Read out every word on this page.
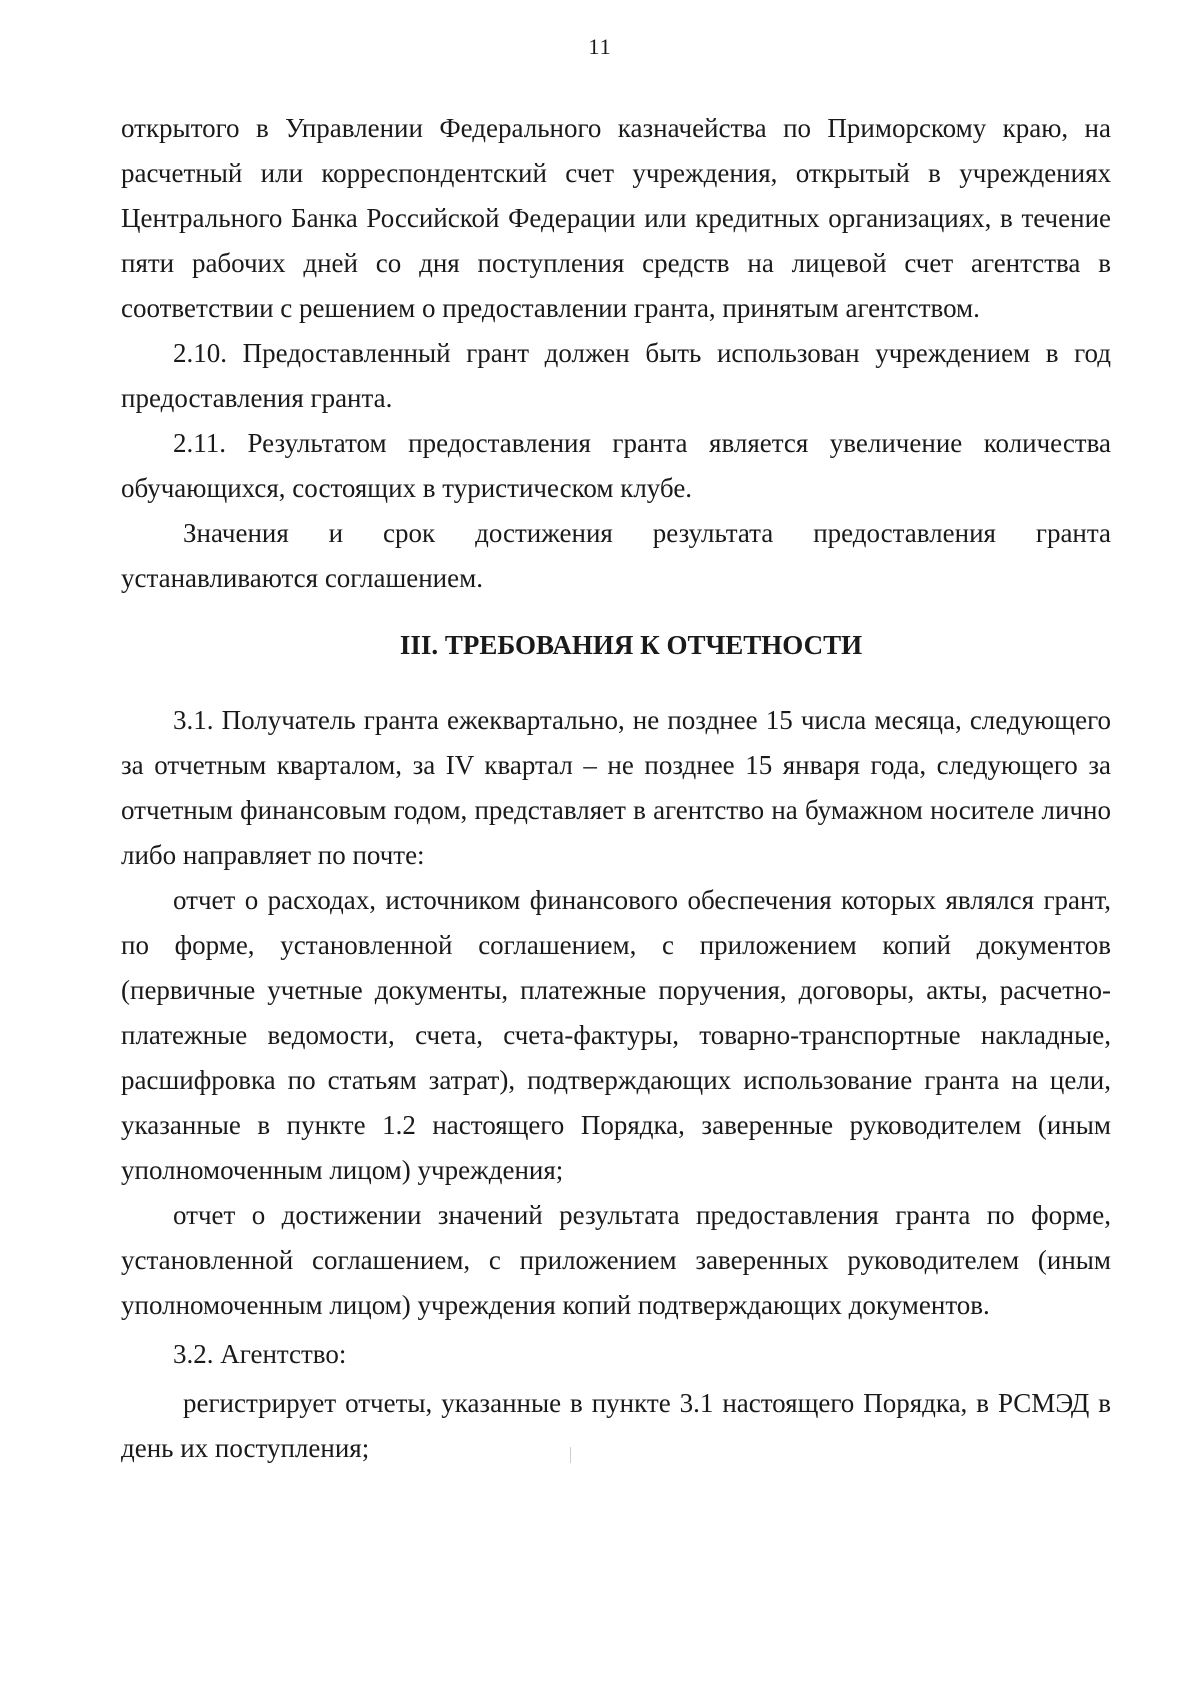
11

открытого в Управлении Федерального казначейства по Приморскому краю, на расчетный или корреспондентский счет учреждения, открытый в учреждениях Центрального Банка Российской Федерации или кредитных организациях, в течение пяти рабочих дней со дня поступления средств на лицевой счет агентства в соответствии с решением о предоставлении гранта, принятым агентством.

2.10. Предоставленный грант должен быть использован учреждением в год предоставления гранта.

2.11. Результатом предоставления гранта является увеличение количества обучающихся, состоящих в туристическом клубе.

Значения и срок достижения результата предоставления гранта устанавливаются соглашением.

III. ТРЕБОВАНИЯ К ОТЧЕТНОСТИ

3.1. Получатель гранта ежеквартально, не позднее 15 числа месяца, следующего за отчетным кварталом, за IV квартал – не позднее 15 января года, следующего за отчетным финансовым годом, представляет в агентство на бумажном носителе лично либо направляет по почте:

отчет о расходах, источником финансового обеспечения которых являлся грант, по форме, установленной соглашением, с приложением копий документов (первичные учетные документы, платежные поручения, договоры, акты, расчетно-платежные ведомости, счета, счета-фактуры, товарно-транспортные накладные, расшифровка по статьям затрат), подтверждающих использование гранта на цели, указанные в пункте 1.2 настоящего Порядка, заверенные руководителем (иным уполномоченным лицом) учреждения;

отчет о достижении значений результата предоставления гранта по форме, установленной соглашением, с приложением заверенных руководителем (иным уполномоченным лицом) учреждения копий подтверждающих документов.

3.2. Агентство:

регистрирует отчеты, указанные в пункте 3.1 настоящего Порядка, в РСМЭД в день их поступления;
